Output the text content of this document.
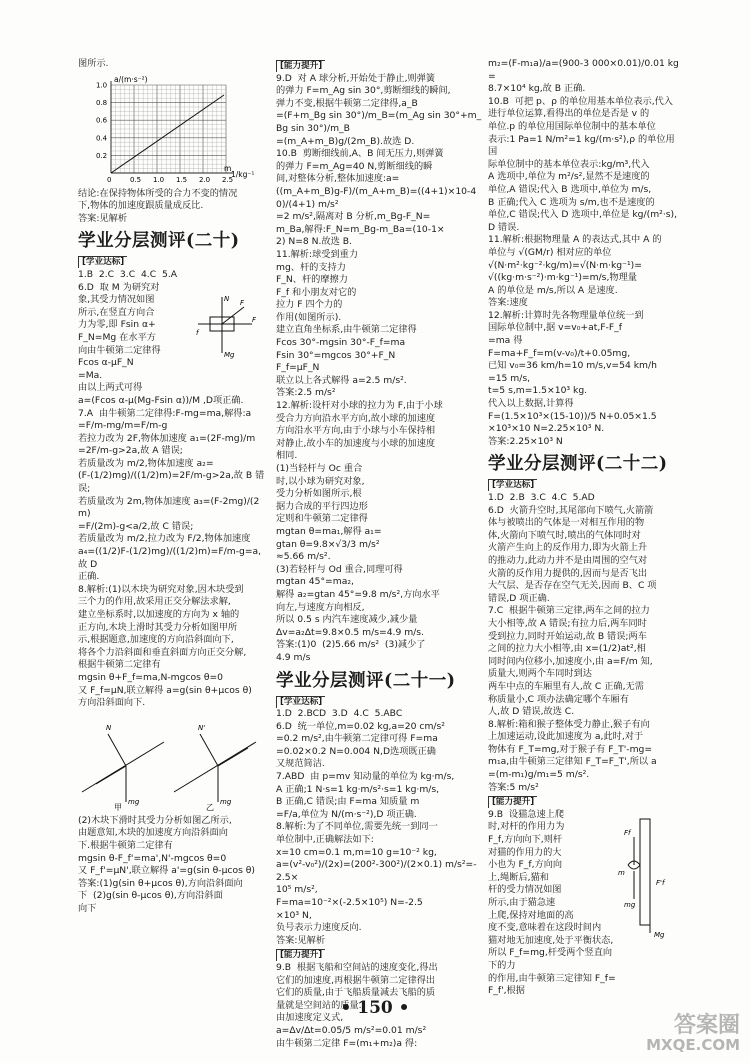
图所示.
a/(m·s⁻²)
1.0
0.8
0.6
0.4
0.2
0	0.5 1.0 1.5 2.0 2.5
m
1/kg⁻¹
结论:在保持物体所受的合力不变的情况
下,物体的加速度跟质量成反比.
答案:见解析
学业分层测评(二十)
[学业达标]
N F
F
f
Mg
1.B  2.C  3.C  4.C  5.A
6.D  取 M 为研究对
象,其受力情况如图
所示,在竖直方向合
力为零,即 Fsin α+
F_N=Mg 在水平方
向由牛顿第二定律得
Fcos α-μF_N
=Ma.
由以上两式可得
a=(Fcos α-μ(Mg-Fsin α))/M ,D项正确.
7.A  由牛顿第二定律得:F-mg=ma,解得:a
=F/m-mg/m=F/m-g
若拉力改为 2F,物体加速度 a₁=(2F-mg)/m
=2F/m-g>2a,故 A 错误;
若质量改为 m/2,物体加速度 a₂=
(F-(1/2)mg)/((1/2)m)=2F/m-g>2a,故 B 错误;
若质量改为 2m,物体加速度 a₃=(F-2mg)/(2m)
=F/(2m)-g<a/2,故 C 错误;
若质量改为 m/2,拉力改为 F/2,物体加速度
a₄=((1/2)F-(1/2)mg)/((1/2)m)=F/m-g=a,故 D
正确.
8.解析:(1)以木块为研究对象,因木块受到
三个力的作用,故采用正交分解法求解,
建立坐标系时,以加速度的方向为 x 轴的
正方向,木块上滑时其受力分析如图甲所
示,根据题意,加速度的方向沿斜面向下,
将各个力沿斜面和垂直斜面方向正交分解,
根据牛顿第二定律有
mgsin θ+F_f=ma,N-mgcos θ=0
又 F_f=μN,联立解得 a=g(sin θ+μcos θ)
方向沿斜面向下.
N
mg
甲
N'
mg
乙
(2)木块下滑时其受力分析如图乙所示,
由题意知,木块的加速度方向沿斜面向
下.根据牛顿第二定律有
mgsin θ-F_f'=ma',N'-mgcos θ=0
又 F_f'=μN',联立解得 a'=g(sin θ-μcos θ)
答案:(1)g(sin θ+μcos θ),方向沿斜面向
下  (2)g(sin θ-μcos θ),方向沿斜面
向下
[能力提升]
9.D  对 A 球分析,开始处于静止,则弹簧
的弹力 F=m_Ag sin 30°,剪断细线的瞬间,
弹力不变,根据牛顿第二定律得,a_B
=(F+m_Bg sin 30°)/m_B=(m_Ag sin 30°+m_Bg sin 30°)/m_B
=(m_A+m_B)g/(2m_B).故选 D.
10.B  剪断细线前,A、B 间无压力,则弹簧
的弹力 F=m_Ag=40 N,剪断细线的瞬
间,对整体分析,整体加速度:a=
((m_A+m_B)g-F)/(m_A+m_B)=((4+1)×10-40)/(4+1) m/s²
=2 m/s²,隔离对 B 分析,m_Bg-F_N=
m_Ba,解得:F_N=m_Bg-m_Ba=(10-1×
2) N=8 N.故选 B.
11.解析:球受到重力
mg、杆的支持力
F_N、杆的摩擦力
F_f 和小朋友对它的
拉力 F 四个力的
作用(如图所示).
建立直角坐标系,由牛顿第二定律得
Fcos 30°-mgsin 30°-F_f=ma
Fsin 30°=mgcos 30°+F_N
F_f=μF_N
联立以上各式解得 a=2.5 m/s².
答案:2.5 m/s²
12.解析:设杆对小球的拉力为 F,由于小球
受合力方向沿水平方向,故小球的加速度
方向沿水平方向,由于小球与小车保持相
对静止,故小车的加速度与小球的加速度
相同.
(1)当轻杆与 Oc 重合
时,以小球为研究对象,
受力分析如图所示,根
据力合成的平行四边形
定则和牛顿第二定律得
mgtan θ=ma₁,解得 a₁=
gtan θ=9.8×√3/3 m/s²
≈5.66 m/s².
(3)若轻杆与 Od 重合,同理可得
mgtan 45°=ma₂,
解得 a₂=gtan 45°=9.8 m/s²,方向水平
向左,与速度方向相反,
所以 0.5 s 内汽车速度减少,减少量
Δv=a₂Δt=9.8×0.5 m/s=4.9 m/s.
答案:(1)0  (2)5.66 m/s²  (3)减少了
4.9 m/s
学业分层测评(二十一)
[学业达标]
1.D  2.BCD  3.D  4.C  5.ABC
6.D  统一单位,m=0.02 kg,a=20 cm/s²
=0.2 m/s²,由牛顿第二定律可得 F=ma
=0.02×0.2 N=0.004 N,D选项既正确
又规范简洁.
7.ABD  由 p=mv 知动量的单位为 kg·m/s,
A 正确;1 N·s=1 kg·m/s²·s=1 kg·m/s,
B 正确,C 错误;由 F=ma 知质量 m
=F/a,单位为 N/(m·s⁻²),D 项正确.
8.解析:为了不同单位,需要先统一到同一
单位制中,正确解法如下:
x=10 cm=0.1 m,m=10 g=10⁻² kg,
a=(v²-v₀²)/(2x)=(200²-300²)/(2×0.1) m/s²=-2.5×
10⁵ m/s²,
F=ma=10⁻²×(-2.5×10⁵) N=-2.5
×10³ N,
负号表示力速度反向.
答案:见解析
[能力提升]
9.B  根据飞船和空间站的速度变化,得出
它们的加速度,再根据牛顿第二定律得出
它们的质量,由于飞船质量减去飞船的质
量就是空间站的质量.
由加速度定义式,
a=Δv/Δt=0.05/5 m/s²=0.01 m/s²
由牛顿第二定律 F=(m₁+m₂)a 得:
m₂=(F-m₁a)/a=(900-3 000×0.01)/0.01 kg=
8.7×10⁴ kg,故 B 正确.
10.B  可把 p、ρ 的单位用基本单位表示,代入
进行单位运算,看得出的单位是否是 v 的
单位.p 的单位用国际单位制中的基本单位
表示:1 Pa=1 N/m²=1 kg/(m·s²),ρ 的单位用国
际单位制中的基本单位表示:kg/m³,代入
A 选项中,单位为 m²/s²,显然不是速度的
单位,A 错误;代入 B 选项中,单位为 m/s,
B 正确;代入 C 选项为 s/m,也不是速度的
单位,C 错误;代入 D 选项中,单位是 kg/(m²·s),
D 错误.
11.解析:根据物理量 A 的表达式,其中 A 的
单位与 √(GM/r) 相对应的单位
√(N·m²·kg⁻²·kg/m)=√(N·m·kg⁻¹)=
√((kg·m·s⁻²)·m·kg⁻¹)=m/s,物理量
A 的单位是 m/s,所以 A 是速度.
答案:速度
12.解析:计算时先各物理量单位统一到
国际单位制中,据 v=v₀+at,F-F_f
=ma 得
F=ma+F_f=m(v-v₀)/t+0.05mg,
已知 v₀=36 km/h=10 m/s,v=54 km/h
=15 m/s,
t=5 s,m=1.5×10³ kg.
代入以上数据,计算得
F=(1.5×10³×(15-10))/5 N+0.05×1.5
×10³×10 N=2.25×10³ N.
答案:2.25×10³ N
学业分层测评(二十二)
[学业达标]
1.D  2.B  3.C  4.C  5.AD
6.D  火箭升空时,其尾部向下喷气,火箭箭
体与被喷出的气体是一对相互作用的物
体,火箭向下喷气时,喷出的气体同时对
火箭产生向上的反作用力,即为火箭上升
的推动力,此动力并不是由周围的空气对
火箭的反作用力提供的,因而与是否飞出
大气层、是否存在空气无关,因而 B、C 项
错误,D 项正确.
7.C  根据牛顿第三定律,两车之间的拉力
大小相等,故 A 错误;有拉力后,两车同时
受到拉力,同时开始运动,故 B 错误;两车
之间的拉力大小相等,由 x=(1/2)at²,相
同时间内位移小,加速度小,由 a=F/m 知,
质量大,则两个车同时到达
两车中点的车厢里有人,故 C 正确,无需
称质量小,C 项办法确定哪个车厢有
人,故 D 错误,故选 C.
8.解析:箱和猴子整体受力静止,猴子有向
上加速运动,设此加速度为 a,此时,对于
物体有 F_T=mg,对于猴子有 F_T'-mg=
m₁a,由牛顿第三定律知 F_T=F_T',所以 a
=(m-m₁)g/m₁=5 m/s².
答案:5 m/s²
[能力提升]
Ff
m
F'f
mg
Mg
9.B  设猫急速上爬
时,对杆的作用力为
F_f,方向向下,则杆
对猫的作用力的大
小也为 F_f,方向向
上,绳断后,猫和
杆的受力情况如图
所示,由于猫急速
上爬,保持对地面的高
度不变,意味着在这段时间内
猫对地无加速度,处于平衡状态,
所以 F_f=mg,杆受两个竖直向下的力
的作用,由牛顿第三定律知 F_f=F_f',根据
• 150 •
答案圈
MXQE.COM
